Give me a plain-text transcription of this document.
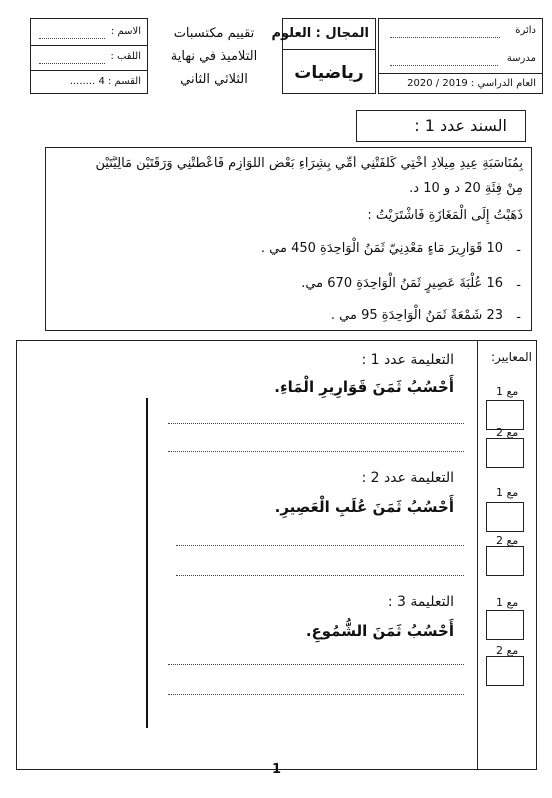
دائرة
مدرسة
العام الدراسي : 2019 / 2020
المجال : العلوم
رياضيات
تقييم مكتسبات
التلاميذ في نهاية
الثلاثي الثاني
الاسم :
اللقب :
القسم : 4 ........
السند عدد 1 :
بِمُنَاسَبَةِ عِيدِ مِيلَادِ أُخْتِي كَلَّفَتْنِي أُمِّي بِشِرَاءِ بَعْضِ اللَّوَازِمِ فَأَعْطَتْنِي وَرَقَتَيْنِ مَالِيَّتَيْنِ
مِنْ فِئَةِ 20 د و 10 د.
ذَهَبْتُ إِلَى الْمَغَازَةِ فَاشْتَرَيْتُ :
-
10 قَوَارِيرَ مَاءٍ مَعْدِنِيّ ثَمَنُ الْوَاحِدَةِ 450 مي .
-
16 عُلْبَةَ عَصِيرٍ ثَمَنُ الْوَاحِدَةِ 670 مي.
-
23 شَمْعَةً ثَمَنُ الْوَاحِدَةِ 95 مي .
المعايير:
مع 1
مع 2
مع 1
مع 2
مع 1
مع 2
التعليمة عدد 1 :
أَحْسُبُ ثَمَنَ قَوَارِيرِ الْمَاءِ.
التعليمة عدد 2 :
أَحْسُبُ ثَمَنَ عُلَبِ الْعَصِيرِ.
التعليمة 3 :
أَحْسُبُ ثَمَنَ الشُّمُوعِ.
1
